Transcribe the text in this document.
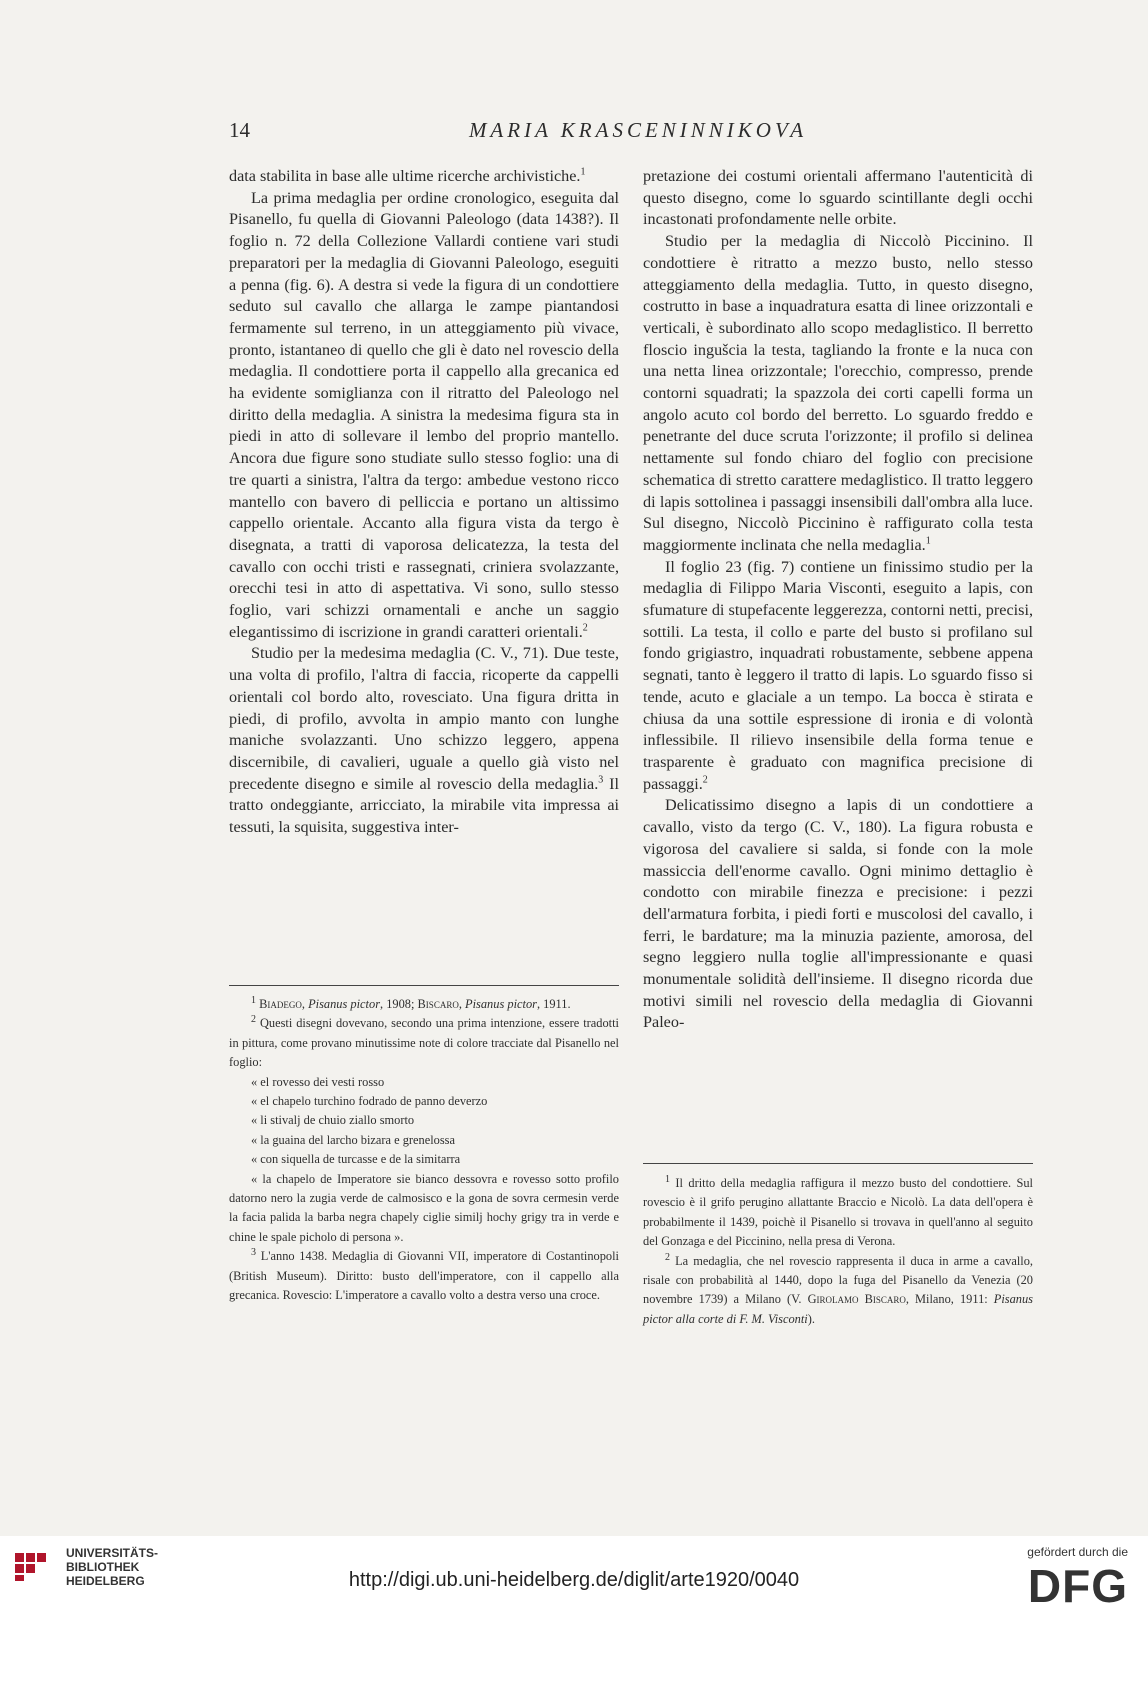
14	MARIA KRASCENINNIKOVA

data stabilita in base alle ultime ricerche archivistiche.$^1$

La prima medaglia per ordine cronologico, eseguita dal Pisanello, fu quella di Giovanni Paleologo (data 1438?). Il foglio n. 72 della Collezione Vallardi contiene vari studi preparatori per la medaglia di Giovanni Paleologo, eseguiti a penna (fig. 6). A destra si vede la figura di un condottiere seduto sul cavallo che allarga le zampe piantandosi fermamente sul terreno, in un atteggiamento più vivace, pronto, istantaneo di quello che gli è dato nel rovescio della medaglia. Il condottiere porta il cappello alla grecanica ed ha evidente somiglianza con il ritratto del Paleologo nel diritto della medaglia. A sinistra la medesima figura sta in piedi in atto di sollevare il lembo del proprio mantello. Ancora due figure sono studiate sullo stesso foglio: una di tre quarti a sinistra, l'altra da tergo: ambedue vestono ricco mantello con bavero di pelliccia e portano un altissimo cappello orientale. Accanto alla figura vista da tergo è disegnata, a tratti di vaporosa delicatezza, la testa del cavallo con occhi tristi e rassegnati, criniera svolazzante, orecchi tesi in atto di aspettativa. Vi sono, sullo stesso foglio, vari schizzi ornamentali e anche un saggio elegantissimo di iscrizione in grandi caratteri orientali.$^2$

Studio per la medesima medaglia (C. V., 71). Due teste, una volta di profilo, l'altra di faccia, ricoperte da cappelli orientali col bordo alto, rovesciato. Una figura dritta in piedi, di profilo, avvolta in ampio manto con lunghe maniche svolazzanti. Uno schizzo leggero, appena discernibile, di cavalieri, uguale a quello già visto nel precedente disegno e simile al rovescio della medaglia.$^3$ Il tratto ondeggiante, arricciato, la mirabile vita impressa ai tessuti, la squisita, suggestiva inter-

$^1$ Biadego, Pisanus pictor, 1908; Biscaro, Pisanus pictor, 1911.

$^2$ Questi disegni dovevano, secondo una prima intenzione, essere tradotti in pittura, come provano minutissime note di colore tracciate dal Pisanello nel foglio:

« el rovesso dei vesti rosso

« el chapelo turchino fodrado de panno deverzo

« li stivalj de chuio ziallo smorto

« la guaina del larcho bizara e grenelossa

« con siquella de turcasse e de la simitarra

« la chapelo de Imperatore sie bianco dessovra e rovesso sotto profilo datorno nero la zugia verde de calmosisco e la gona de sovra cermesin verde la facia palida la barba negra chapely ciglie similj hochy grigy tra in verde e chine le spale picholo di persona ».

$^3$ L'anno 1438. Medaglia di Giovanni VII, imperatore di Costantinopoli (British Museum). Diritto: busto dell'imperatore, con il cappello alla grecanica. Rovescio: L'imperatore a cavallo volto a destra verso una croce.

pretazione dei costumi orientali affermano l'autenticità di questo disegno, come lo sguardo scintillante degli occhi incastonati profondamente nelle orbite.

Studio per la medaglia di Niccolò Piccinino. Il condottiere è ritratto a mezzo busto, nello stesso atteggiamento della medaglia. Tutto, in questo disegno, costrutto in base a inquadratura esatta di linee orizzontali e verticali, è subordinato allo scopo medaglistico. Il berretto floscio ingušcia la testa, tagliando la fronte e la nuca con una netta linea orizzontale; l'orecchio, compresso, prende contorni squadrati; la spazzola dei corti capelli forma un angolo acuto col bordo del berretto. Lo sguardo freddo e penetrante del duce scruta l'orizzonte; il profilo si delinea nettamente sul fondo chiaro del foglio con precisione schematica di stretto carattere medaglistico. Il tratto leggero di lapis sottolinea i passaggi insensibili dall'ombra alla luce. Sul disegno, Niccolò Piccinino è raffigurato colla testa maggiormente inclinata che nella medaglia.$^1$

Il foglio 23 (fig. 7) contiene un finissimo studio per la medaglia di Filippo Maria Visconti, eseguito a lapis, con sfumature di stupefacente leggerezza, contorni netti, precisi, sottili. La testa, il collo e parte del busto si profilano sul fondo grigiastro, inquadrati robustamente, sebbene appena segnati, tanto è leggero il tratto di lapis. Lo sguardo fisso si tende, acuto e glaciale a un tempo. La bocca è stirata e chiusa da una sottile espressione di ironia e di volontà inflessibile. Il rilievo insensibile della forma tenue e trasparente è graduato con magnifica precisione di passaggi.$^2$

Delicatissimo disegno a lapis di un condottiere a cavallo, visto da tergo (C. V., 180). La figura robusta e vigorosa del cavaliere si salda, si fonde con la mole massiccia dell'enorme cavallo. Ogni minimo dettaglio è condotto con mirabile finezza e precisione: i pezzi dell'armatura forbita, i piedi forti e muscolosi del cavallo, i ferri, le bardature; ma la minuzia paziente, amorosa, del segno leggiero nulla toglie all'impressionante e quasi monumentale solidità dell'insieme. Il disegno ricorda due motivi simili nel rovescio della medaglia di Giovanni Paleo-

$^1$ Il dritto della medaglia raffigura il mezzo busto del condottiere. Sul rovescio è il grifo perugino allattante Braccio e Nicolò. La data dell'opera è probabilmente il 1439, poichè il Pisanello si trovava in quell'anno al seguito del Gonzaga e del Piccinino, nella presa di Verona.

$^2$ La medaglia, che nel rovescio rappresenta il duca in arme a cavallo, risale con probabilità al 1440, dopo la fuga del Pisanello da Venezia (20 novembre 1739) a Milano (V. Girolamo Biscaro, Milano, 1911: Pisanus pictor alla corte di F. M. Visconti).

UNIVERSITÄTS-
BIBLIOTHEK
HEIDELBERG	http://digi.ub.uni-heidelberg.de/diglit/arte1920/0040
gefördert durch die
DFG
